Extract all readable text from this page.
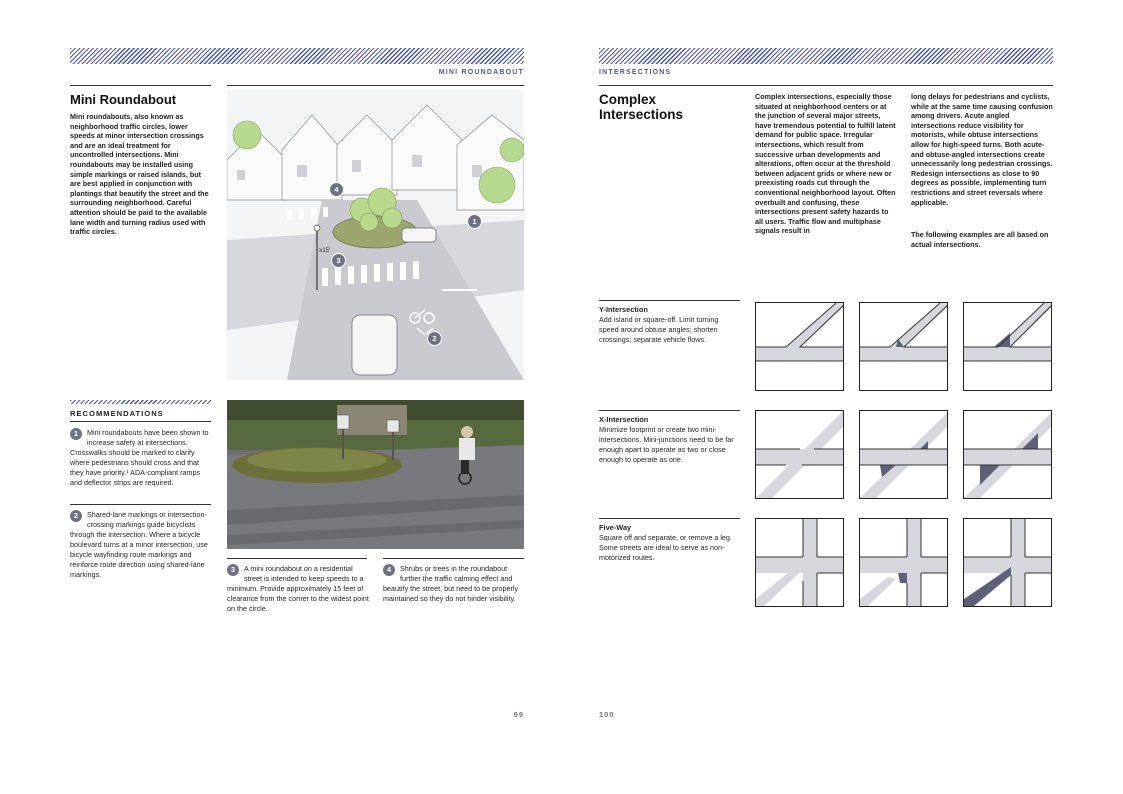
MINI ROUNDABOUT
Mini Roundabout
Mini roundabouts, also known as neighborhood traffic circles, lower speeds at minor intersection crossings and are an ideal treatment for uncontrolled intersections. Mini roundabouts may be installed using simple markings or raised islands, but are best applied in conjunction with plantings that beautify the street and the surrounding neighborhood. Careful attention should be paid to the available lane width and turning radius used with traffic circles.
1
2
3
4
≥15'
RECOMMENDATIONS
1	Mini roundabouts have been shown to increase safety at intersections. Crosswalks should be marked to clarify where pedestrians should cross and that they have priority.¹ ADA-compliant ramps and deflector strips are required.
2	Shared-lane markings or intersection-crossing markings guide bicyclists through the intersection. Where a bicycle boulevard turns at a minor intersection, use bicycle wayfinding route markings and reinforce route direction using shared-lane markings.
3	A mini roundabout on a residential street is intended to keep speeds to a minimum. Provide approximately 15 feet of clearance from the corner to the widest point on the circle.
4	Shrubs or trees in the roundabout further the traffic calming effect and beautify the street, but need to be properly maintained so they do not hinder visibility.
99
INTERSECTIONS
Complex Intersections
Complex intersections, especially those situated at neighborhood centers or at the junction of several major streets, have tremendous potential to fulfill latent demand for public space. Irregular intersections, which result from successive urban developments and alterations, often occur at the threshold between adjacent grids or where new or preexisting roads cut through the conventional neighborhood layout. Often overbuilt and confusing, these intersections present safety hazards to all users. Traffic flow and multiphase signals result in
long delays for pedestrians and cyclists, while at the same time causing confusion among drivers. Acute angled intersections reduce visibility for motorists, while obtuse intersections allow for high-speed turns. Both acute- and obtuse-angled intersections create unnecessarily long pedestrian crossings. Redesign intersections as close to 90 degrees as possible, implementing turn restrictions and street reversals where applicable.
The following examples are all based on actual intersections.
Y-Intersection
Add island or square-off. Limit turning speed around obtuse angles; shorten crossings; separate vehicle flows.
X-Intersection
Minimize footprint or create two mini-intersections. Mini-junctions need to be far enough apart to operate as two or close enough to operate as one.
Five-Way
Square off and separate, or remove a leg. Some streets are ideal to serve as non-motorized routes.
100
